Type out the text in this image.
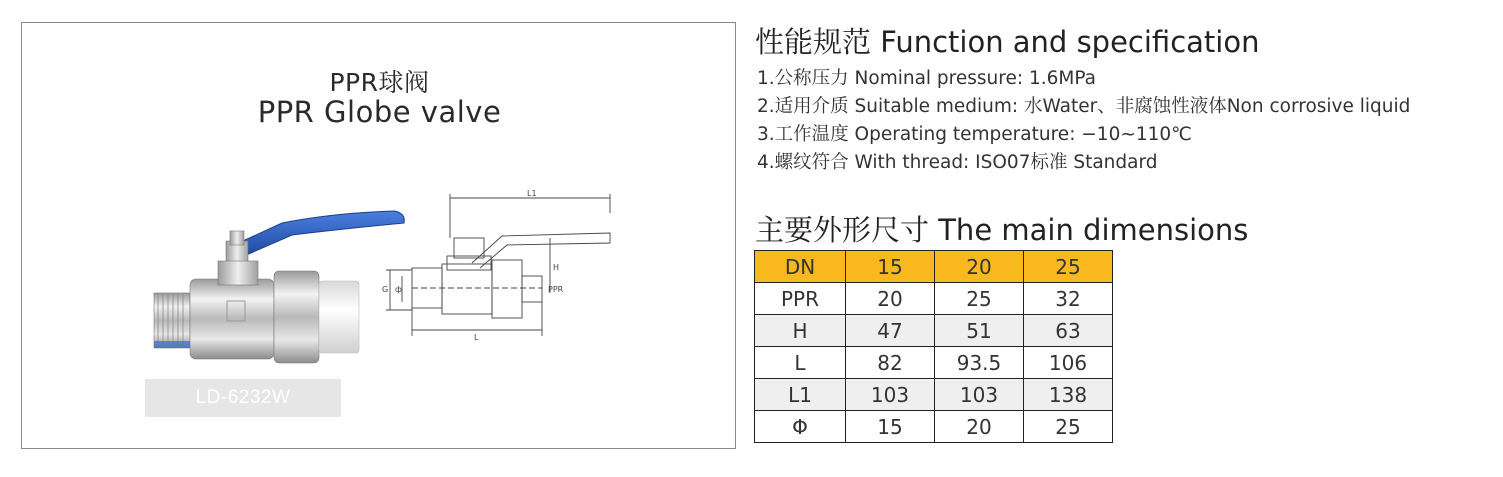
PPR球阀
PPR Globe valve
L1
H
G ф	PPR
L
LD-6232W
性能规范 Function and specification
1.公称压力 Nominal pressure: 1.6MPa
2.适用介质 Suitable medium: 水Water、非腐蚀性液体Non corrosive liquid
3.工作温度 Operating temperature: −10~110℃
4.螺纹符合 With thread: ISO07标准 Standard
主要外形尺寸 The main dimensions
DN	15	20	25
PPR	20	25	32
H	47	51	63
L	82	93.5	106
L1	103	103	138
Φ	15	20	25
